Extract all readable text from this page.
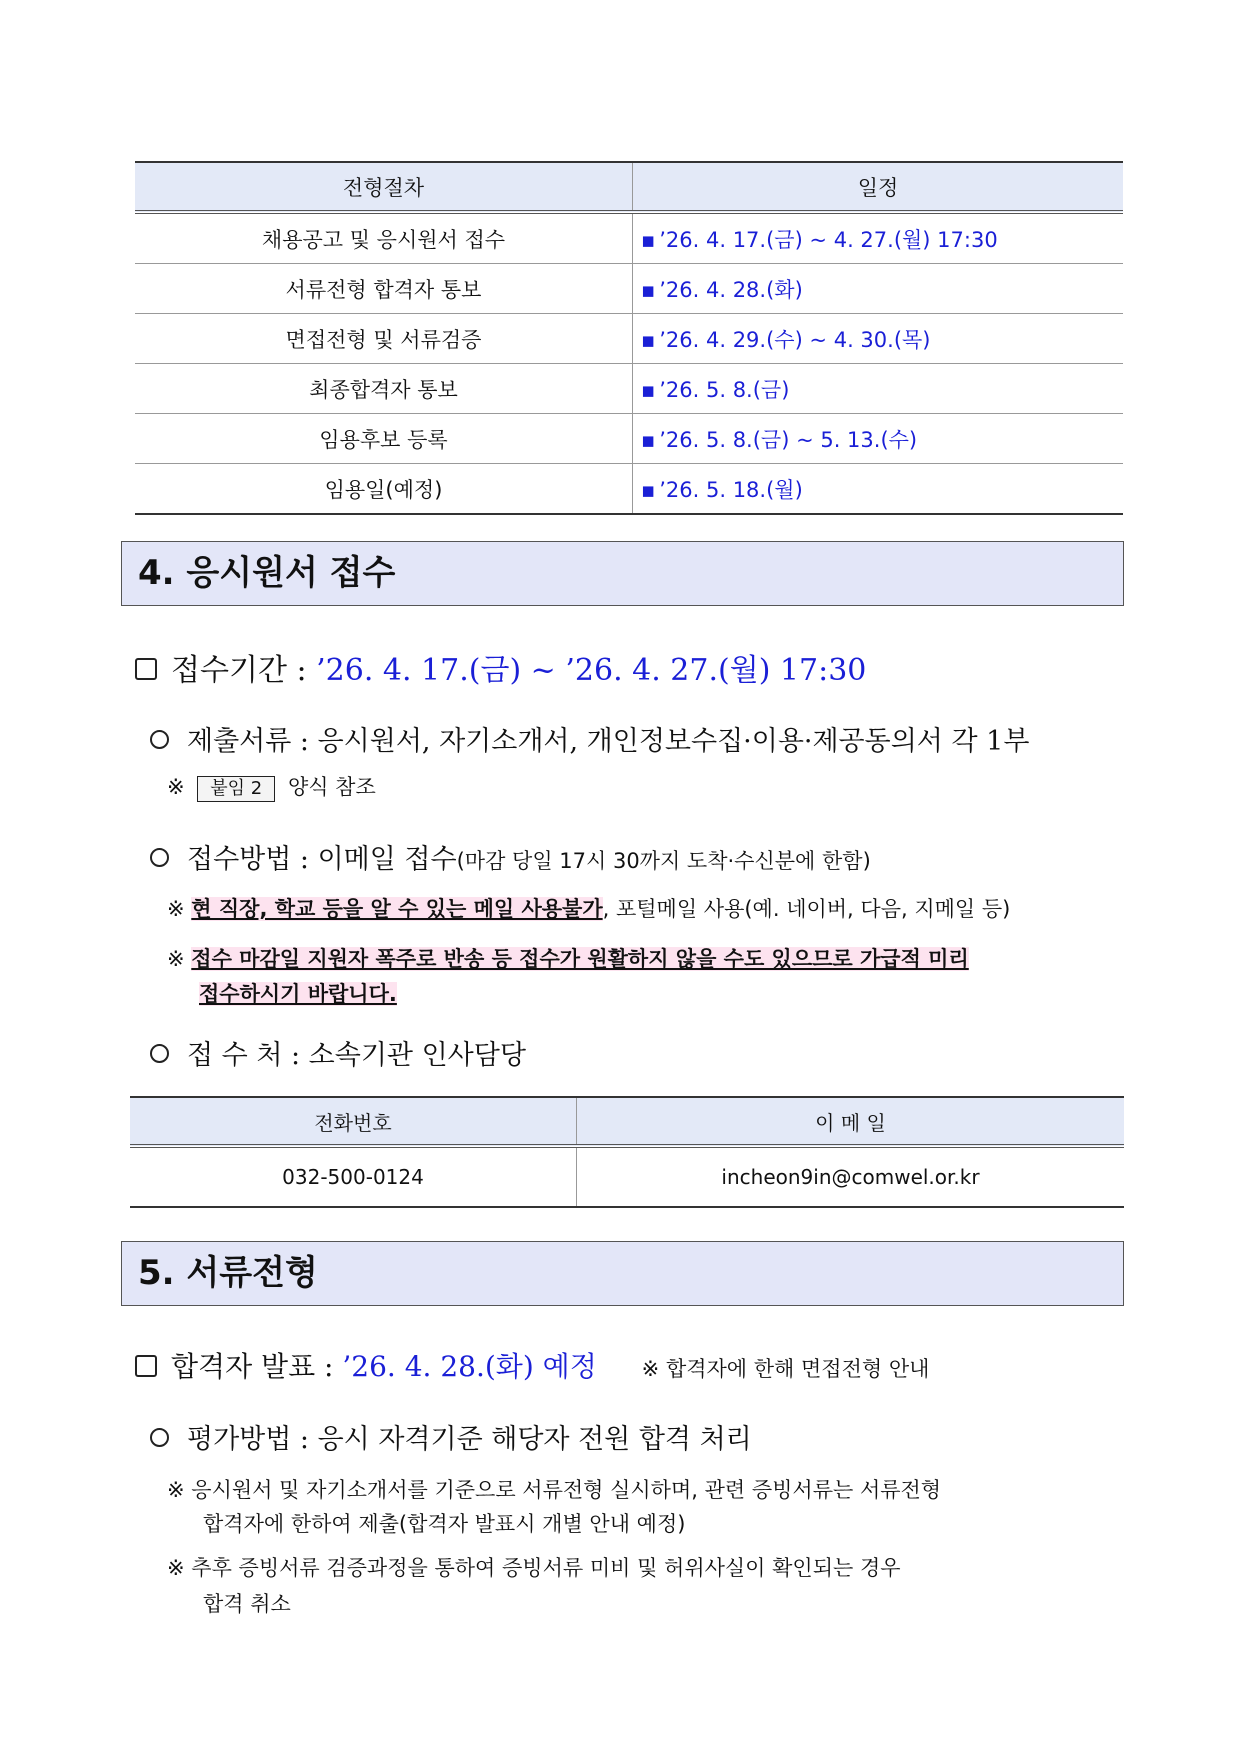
전형절차	일정
채용공고 및 응시원서 접수	▪ ’26. 4. 17.(금) ~ 4. 27.(월) 17:30
서류전형 합격자 통보	▪ ’26. 4. 28.(화)
면접전형 및 서류검증	▪ ’26. 4. 29.(수) ~ 4. 30.(목)
최종합격자 통보	▪ ’26. 5. 8.(금)
임용후보 등록	▪ ’26. 5. 8.(금) ~ 5. 13.(수)
임용일(예정)	▪ ’26. 5. 18.(월)
4. 응시원서 접수
접수기간 : ’26. 4. 17.(금) ~ ’26. 4. 27.(월) 17:30
제출서류 : 응시원서, 자기소개서, 개인정보수집·이용·제공동의서 각 1부
※ 붙임 2 양식 참조
접수방법 : 이메일 접수(마감 당일 17시 30까지 도착·수신분에 한함)
※ 현 직장, 학교 등을 알 수 있는 메일 사용불가, 포털메일 사용(예. 네이버, 다음, 지메일 등)
※ 접수 마감일 지원자 폭주로 반송 등 접수가 원활하지 않을 수도 있으므로 가급적 미리
접수하시기 바랍니다.
접 수 처 : 소속기관 인사담당
전화번호	이 메 일
032-500-0124	incheon9in@comwel.or.kr
5. 서류전형
합격자 발표 : ’26. 4. 28.(화) 예정 ※ 합격자에 한해 면접전형 안내
평가방법 : 응시 자격기준 해당자 전원 합격 처리
※ 응시원서 및 자기소개서를 기준으로 서류전형 실시하며, 관련 증빙서류는 서류전형
합격자에 한하여 제출(합격자 발표시 개별 안내 예정)
※ 추후 증빙서류 검증과정을 통하여 증빙서류 미비 및 허위사실이 확인되는 경우
합격 취소
